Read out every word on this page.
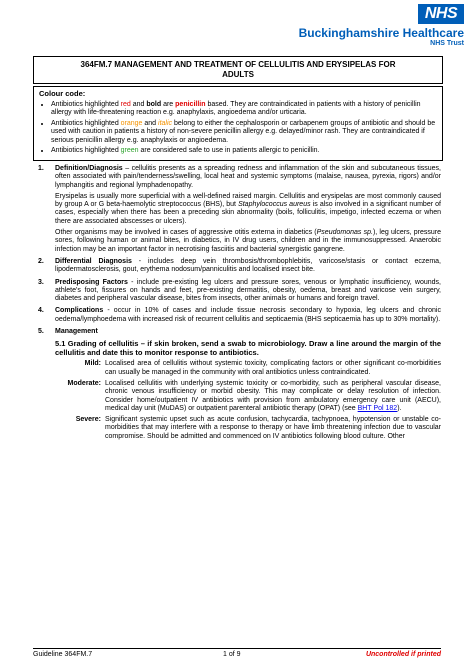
NHS
Buckinghamshire Healthcare
NHS Trust
364FM.7 MANAGEMENT AND TREATMENT OF CELLULITIS AND ERYSIPELAS FOR
ADULTS
Colour code:
• Antibiotics highlighted red and bold are penicillin based. They are contraindicated in patients with a history of penicillin allergy with life-threatening reaction e.g. anaphylaxis, angioedema and/or urticaria.
• Antibiotics highlighted orange and italic belong to either the cephalosporin or carbapenem groups of antibiotic and should be used with caution in patients a history of non-severe penicillin allergy e.g. delayed/minor rash. They are contraindicated if serious penicillin allergy e.g. anaphylaxis or angioedema.
• Antibiotics highlighted green are considered safe to use in patients allergic to penicillin.
1. Definition/Diagnosis – cellulitis presents as a spreading redness and inflammation of the skin and subcutaneous tissues, often associated with pain/tenderness/swelling, local heat and systemic symptoms (malaise, nausea, pyrexia, rigors) and/or lymphangitis and regional lymphadenopathy.

Erysipelas is usually more superficial with a well-defined raised margin. Cellulitis and erysipelas are most commonly caused by group A or G beta-haemolytic streptococcus (BHS), but Staphylococcus aureus is also involved in a significant number of cases, especially when there has been a preceding skin abnormality (boils, folliculitis, impetigo, infected eczema or when there are associated abscesses or ulcers).

Other organisms may be involved in cases of aggressive otitis externa in diabetics (Pseudomonas sp.), leg ulcers, pressure sores, following human or animal bites, in diabetics, in IV drug users, children and in the immunosuppressed. Anaerobic infection may be an important factor in necrotising fasciitis and bacterial synergistic gangrene.

2. Differential Diagnosis - includes deep vein thrombosis/thrombophlebitis, varicose/stasis or contact eczema, lipodermatosclerosis, gout, erythema nodosum/panniculitis and localised insect bite.

3. Predisposing Factors - include pre-existing leg ulcers and pressure sores, venous or lymphatic insufficiency, wounds, athlete's foot, fissures on hands and feet, pre-existing dermatitis, obesity, oedema, breast and varicose vein surgery, diabetes and peripheral vascular disease, bites from insects, other animals or humans and foreign travel.

4. Complications - occur in 10% of cases and include tissue necrosis secondary to hypoxia, leg ulcers and chronic oedema/lymphoedema with increased risk of recurrent cellulitis and septicaemia (BHS septicaemia has up to 30% mortality).

5. Management

5.1 Grading of cellulitis – if skin broken, send a swab to microbiology. Draw a line around the margin of the cellulitis and date this to monitor response to antibiotics.
Mild: Localised area of cellulitis without systemic toxicity, complicating factors or other significant co-morbidities can usually be managed in the community with oral antibiotics unless contraindicated.
Moderate: Localised cellulitis with underlying systemic toxicity or co-morbidity, such as peripheral vascular disease, chronic venous insufficiency or morbid obesity. This may complicate or delay resolution of infection. Consider home/outpatient IV antibiotics with provision from ambulatory emergency care unit (AECU), medical day unit (MuDAS) or outpatient parenteral antibiotic therapy (OPAT) (see BHT Pol 182).
Severe: Significant systemic upset such as acute confusion, tachycardia, tachypnoea, hypotension or unstable co-morbidities that may interfere with a response to therapy or have limb threatening infection due to vascular compromise. Should be admitted and commenced on IV antibiotics following blood culture. Other
Guideline 364FM.7	1 of 9	Uncontrolled if printed
